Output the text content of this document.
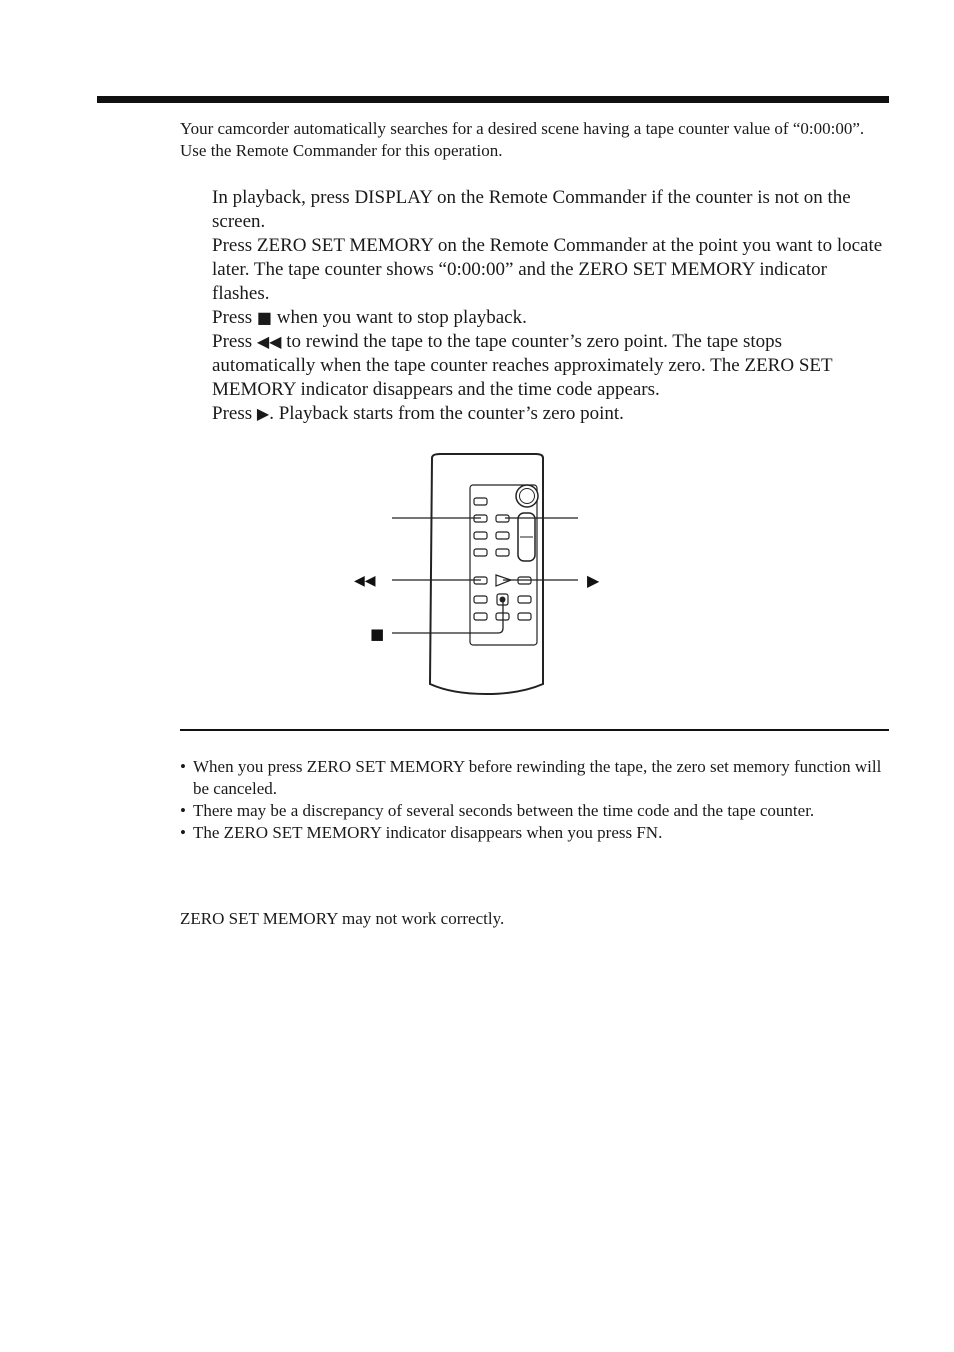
Your camcorder automatically searches for a desired scene having a tape counter value of “0:00:00”. Use the Remote Commander for this operation.

In playback, press DISPLAY on the Remote Commander if the counter is not on the screen.
Press ZERO SET MEMORY on the Remote Commander at the point you want to locate later. The tape counter shows “0:00:00” and the ZERO SET MEMORY indicator flashes.
Press ■ when you want to stop playback.
Press ◀◀ to rewind the tape to the tape counter’s zero point. The tape stops automatically when the tape counter reaches approximately zero. The ZERO SET MEMORY indicator disappears and the time code appears.
Press ▶. Playback starts from the counter’s zero point.
◀◀	▶
■
• When you press ZERO SET MEMORY before rewinding the tape, the zero set memory function will be canceled.
• There may be a discrepancy of several seconds between the time code and the tape counter.
• The ZERO SET MEMORY indicator disappears when you press FN.

ZERO SET MEMORY may not work correctly.
